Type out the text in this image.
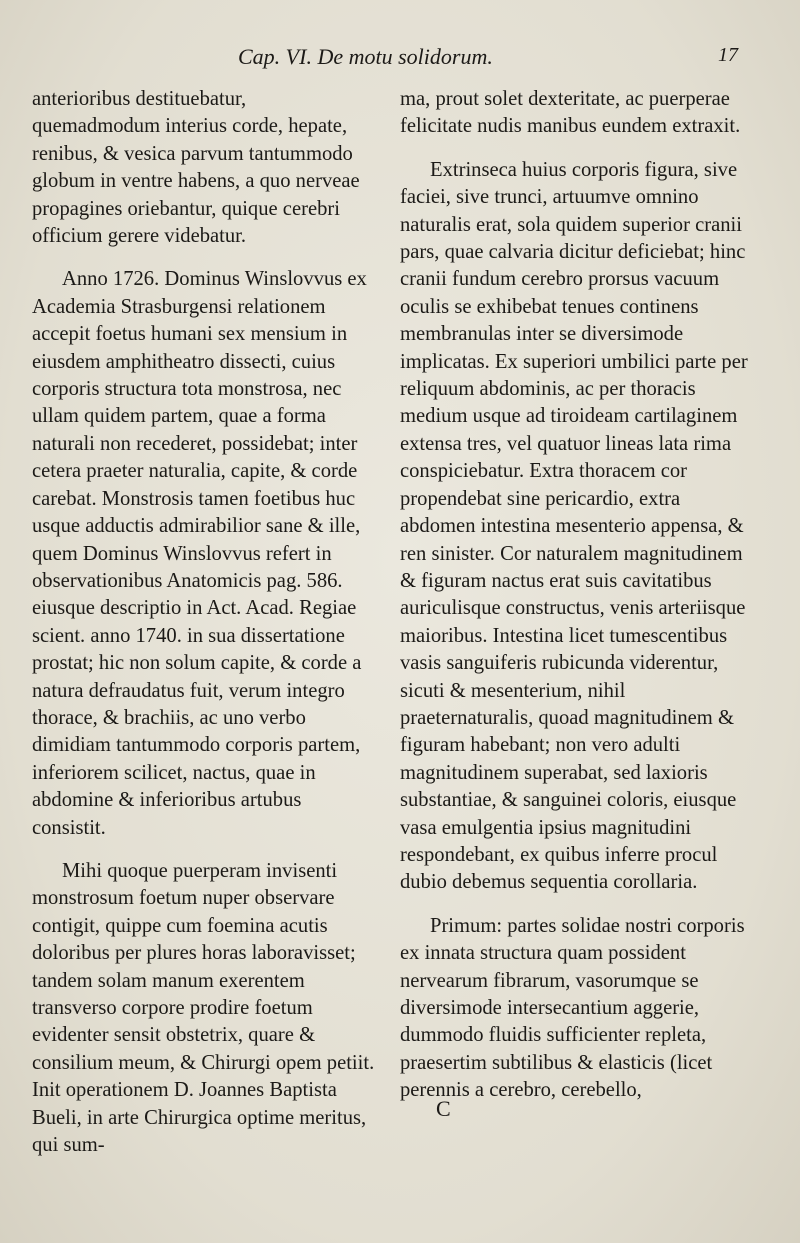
Cap. VI. De motu solidorum.	17

anterioribus destituebatur, quemadmodum interius corde, hepate, renibus, & vesica parvum tantummodo globum in ventre habens, a quo nerveae propagines oriebantur, quique cerebri officium gerere videbatur.

Anno 1726. Dominus Winslovvus ex Academia Strasburgensi relationem accepit foetus humani sex mensium in eiusdem amphitheatro dissecti, cuius corporis structura tota monstrosa, nec ullam quidem partem, quae a forma naturali non recederet, possidebat; inter cetera praeter naturalia, capite, & corde carebat. Monstrosis tamen foetibus huc usque adductis admirabilior sane & ille, quem Dominus Winslovvus refert in observationibus Anatomicis pag. 586. eiusque descriptio in Act. Acad. Regiae scient. anno 1740. in sua dissertatione prostat; hic non solum capite, & corde a natura defraudatus fuit, verum integro thorace, & brachiis, ac uno verbo dimidiam tantummodo corporis partem, inferiorem scilicet, nactus, quae in abdomine & inferioribus artubus consistit.

Mihi quoque puerperam invisenti monstrosum foetum nuper observare contigit, quippe cum foemina acutis doloribus per plures horas laboravisset; tandem solam manum exerentem transverso corpore prodire foetum evidenter sensit obstetrix, quare & consilium meum, & Chirurgi opem petiit. Init operationem D. Joannes Baptista Bueli, in arte Chirurgica optime meritus, qui sum-

ma, prout solet dexteritate, ac puerperae felicitate nudis manibus eundem extraxit.

Extrinseca huius corporis figura, sive faciei, sive trunci, artuumve omnino naturalis erat, sola quidem superior cranii pars, quae calvaria dicitur deficiebat; hinc cranii fundum cerebro prorsus vacuum oculis se exhibebat tenues continens membranulas inter se diversimode implicatas. Ex superiori umbilici parte per reliquum abdominis, ac per thoracis medium usque ad tiroideam cartilaginem extensa tres, vel quatuor lineas lata rima conspiciebatur. Extra thoracem cor propendebat sine pericardio, extra abdomen intestina mesenterio appensa, & ren sinister. Cor naturalem magnitudinem & figuram nactus erat suis cavitatibus auriculisque constructus, venis arteriisque maioribus. Intestina licet tumescentibus vasis sanguiferis rubicunda viderentur, sicuti & mesenterium, nihil praeternaturalis, quoad magnitudinem & figuram habebant; non vero adulti magnitudinem superabat, sed laxioris substantiae, & sanguinei coloris, eiusque vasa emulgentia ipsius magnitudini respondebant, ex quibus inferre procul dubio debemus sequentia corollaria.

Primum: partes solidae nostri corporis ex innata structura quam possident nervearum fibrarum, vasorumque se diversimode intersecantium aggerie, dummodo fluidis sufficienter repleta, praesertim subtilibus & elasticis (licet perennis a cerebro, cerebello,

C
